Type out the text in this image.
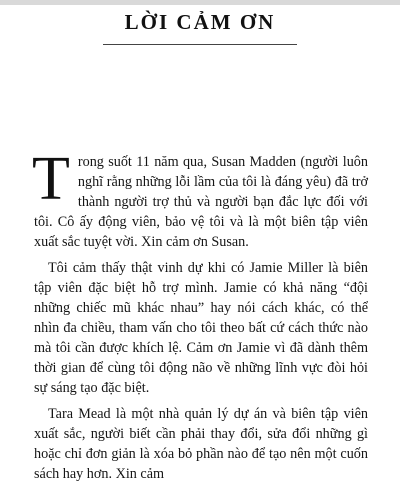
LỜI CẢM ƠN

Trong suốt 11 năm qua, Susan Madden (người luôn nghĩ rằng những lỗi lầm của tôi là đáng yêu) đã trở thành người trợ thủ và người bạn đắc lực đối với tôi. Cô ấy động viên, bảo vệ tôi và là một biên tập viên xuất sắc tuyệt vời. Xin cảm ơn Susan.

Tôi cảm thấy thật vinh dự khi có Jamie Miller là biên tập viên đặc biệt hỗ trợ mình. Jamie có khả năng “đội những chiếc mũ khác nhau” hay nói cách khác, có thể nhìn đa chiều, tham vấn cho tôi theo bất cứ cách thức nào mà tôi cần được khích lệ. Cảm ơn Jamie vì đã dành thêm thời gian để cùng tôi động não về những lĩnh vực đòi hỏi sự sáng tạo đặc biệt.

Tara Mead là một nhà quản lý dự án và biên tập viên xuất sắc, người biết cần phải thay đổi, sửa đổi những gì hoặc chỉ đơn giản là xóa bỏ phần nào để tạo nên một cuốn sách hay hơn. Xin cảm
